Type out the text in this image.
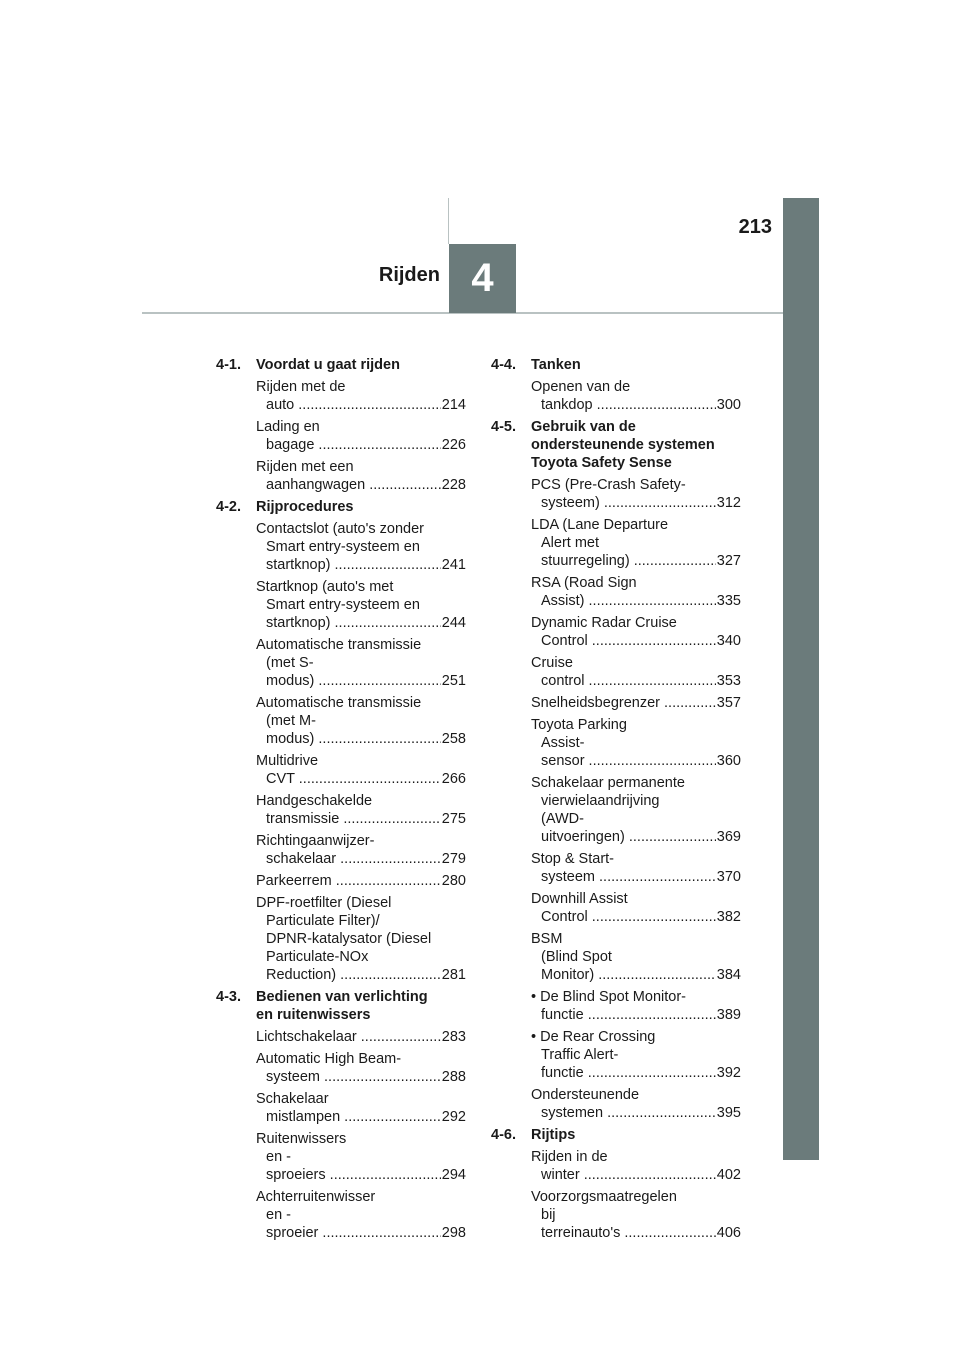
Rijden 4
213
4-1.	Voordat u gaat rijden
Rijden met de auto .....	214
Lading en bagage .....	226
Rijden met een
aanhangwagen .....	228
4-2.	Rijprocedures
Contactslot (auto's zonder
Smart entry-systeem en
startknop) .....	241
Startknop (auto's met
Smart entry-systeem en
startknop) .....	244
Automatische transmissie
(met S-modus) .....	251
Automatische transmissie
(met M-modus) .....	258
Multidrive CVT .....	266
Handgeschakelde
transmissie .....	275
Richtingaanwijzer-
schakelaar .....	279
Parkeerrem .....	280
DPF-roetfilter (Diesel
Particulate Filter)/
DPNR-katalysator (Diesel
Particulate-NOx
Reduction) .....	281
4-3.	Bedienen van verlichting
en ruitenwissers
Lichtschakelaar .....	283
Automatic High Beam-
systeem .....	288
Schakelaar mistlampen .....	292
Ruitenwissers
en -sproeiers .....	294
Achterruitenwisser
en -sproeier .....	298
4-4.	Tanken
Openen van de tankdop .....	300
4-5.	Gebruik van de
ondersteunende systemen
Toyota Safety Sense
PCS (Pre-Crash Safety-
systeem) .....	312
LDA (Lane Departure
Alert met stuurregeling) .....	327
RSA (Road Sign Assist) .....	335
Dynamic Radar Cruise
Control .....	340
Cruise control .....	353
Snelheidsbegrenzer .....	357
Toyota Parking
Assist-sensor .....	360
Schakelaar permanente
vierwielaandrijving
(AWD-uitvoeringen) .....	369
Stop & Start-systeem .....	370
Downhill Assist Control .....	382
BSM
(Blind Spot Monitor) .....	384
• De Blind Spot Monitor-
functie .....	389
• De Rear Crossing
Traffic Alert-functie .....	392
Ondersteunende
systemen .....	395
4-6.	Rijtips
Rijden in de winter .....	402
Voorzorgsmaatregelen
bij terreinauto's .....	406
